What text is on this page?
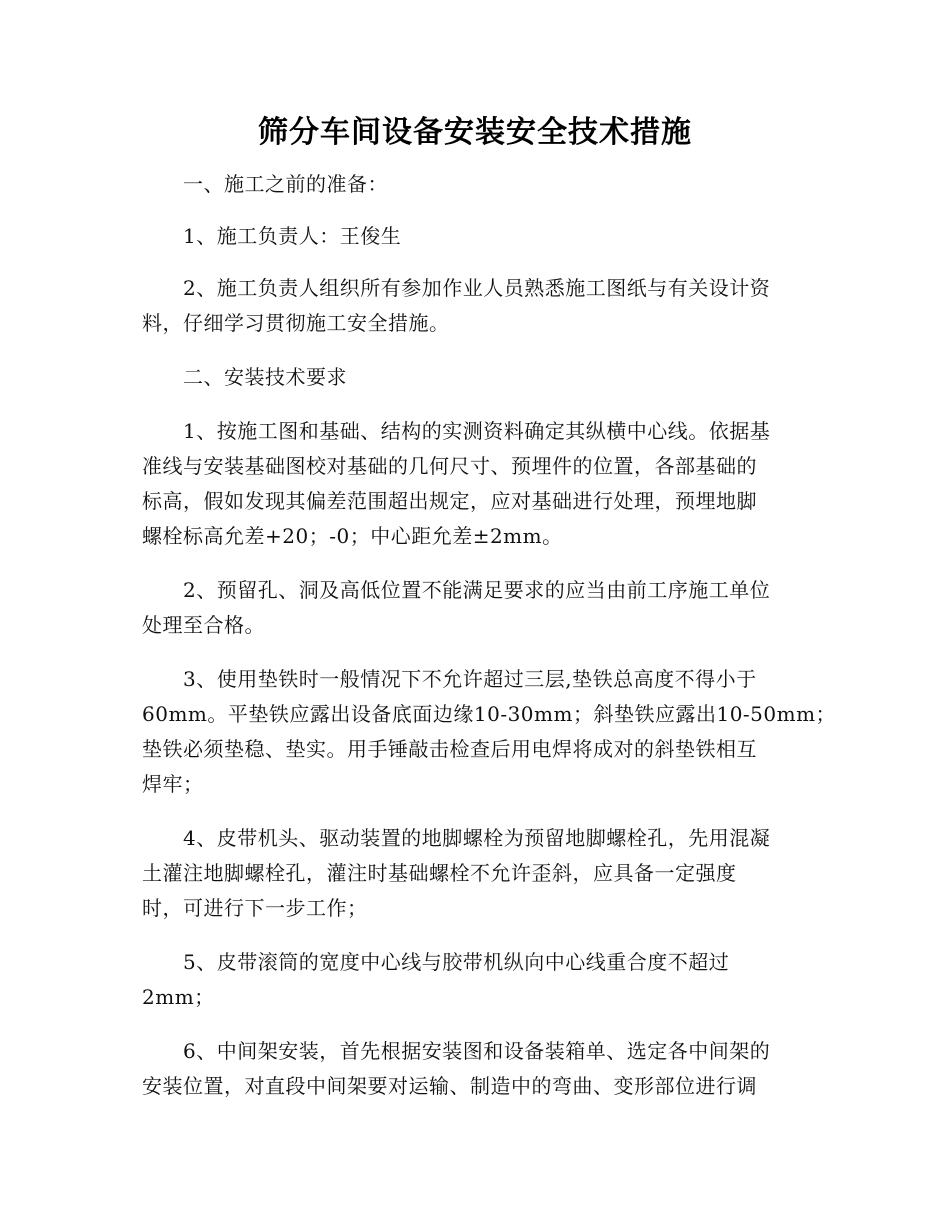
筛分车间设备安装安全技术措施

　　一、施工之前的准备：

　　1、施工负责人：王俊生

　　2、施工负责人组织所有参加作业人员熟悉施工图纸与有关设计资

料，仔细学习贯彻施工安全措施。

　　二、安装技术要求

　　1、按施工图和基础、结构的实测资料确定其纵横中心线。依据基

准线与安装基础图校对基础的几何尺寸、预埋件的位置，各部基础的

标高，假如发现其偏差范围超出规定，应对基础进行处理，预埋地脚

螺栓标高允差+20；-0；中心距允差±2mm。

　　2、预留孔、洞及高低位置不能满足要求的应当由前工序施工单位

处理至合格。

　　3、使用垫铁时一般情况下不允许超过三层,垫铁总高度不得小于

60mm。平垫铁应露出设备底面边缘10-30mm；斜垫铁应露出10-50mm；

垫铁必须垫稳、垫实。用手锤敲击检查后用电焊将成对的斜垫铁相互

焊牢；

　　4、皮带机头、驱动装置的地脚螺栓为预留地脚螺栓孔，先用混凝

土灌注地脚螺栓孔，灌注时基础螺栓不允许歪斜，应具备一定强度

时，可进行下一步工作；

　　5、皮带滚筒的宽度中心线与胶带机纵向中心线重合度不超过

2mm；

　　6、中间架安装，首先根据安装图和设备装箱单、选定各中间架的

安装位置，对直段中间架要对运输、制造中的弯曲、变形部位进行调
